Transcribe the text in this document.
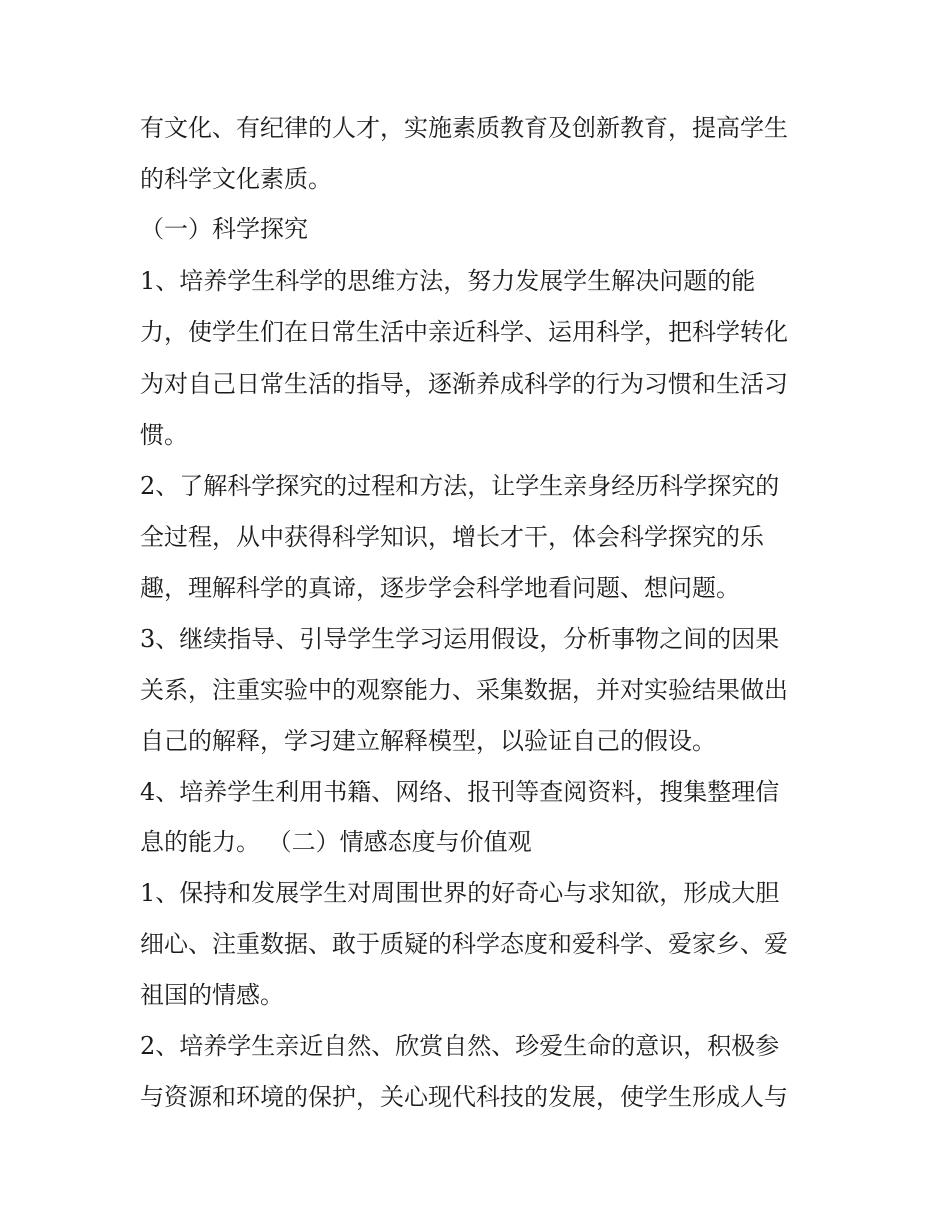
有文化、有纪律的人才，实施素质教育及创新教育，提高学生
的科学文化素质。
（一）科学探究
1、培养学生科学的思维方法，努力发展学生解决问题的能
力，使学生们在日常生活中亲近科学、运用科学，把科学转化
为对自己日常生活的指导，逐渐养成科学的行为习惯和生活习
惯。
2、了解科学探究的过程和方法，让学生亲身经历科学探究的
全过程，从中获得科学知识，增长才干，体会科学探究的乐
趣，理解科学的真谛，逐步学会科学地看问题、想问题。
3、继续指导、引导学生学习运用假设，分析事物之间的因果
关系，注重实验中的观察能力、采集数据，并对实验结果做出
自己的解释，学习建立解释模型，以验证自己的假设。
4、培养学生利用书籍、网络、报刊等查阅资料，搜集整理信
息的能力。 （二）情感态度与价值观
1、保持和发展学生对周围世界的好奇心与求知欲，形成大胆
细心、注重数据、敢于质疑的科学态度和爱科学、爱家乡、爱
祖国的情感。
2、培养学生亲近自然、欣赏自然、珍爱生命的意识，积极参
与资源和环境的保护，关心现代科技的发展，使学生形成人与
